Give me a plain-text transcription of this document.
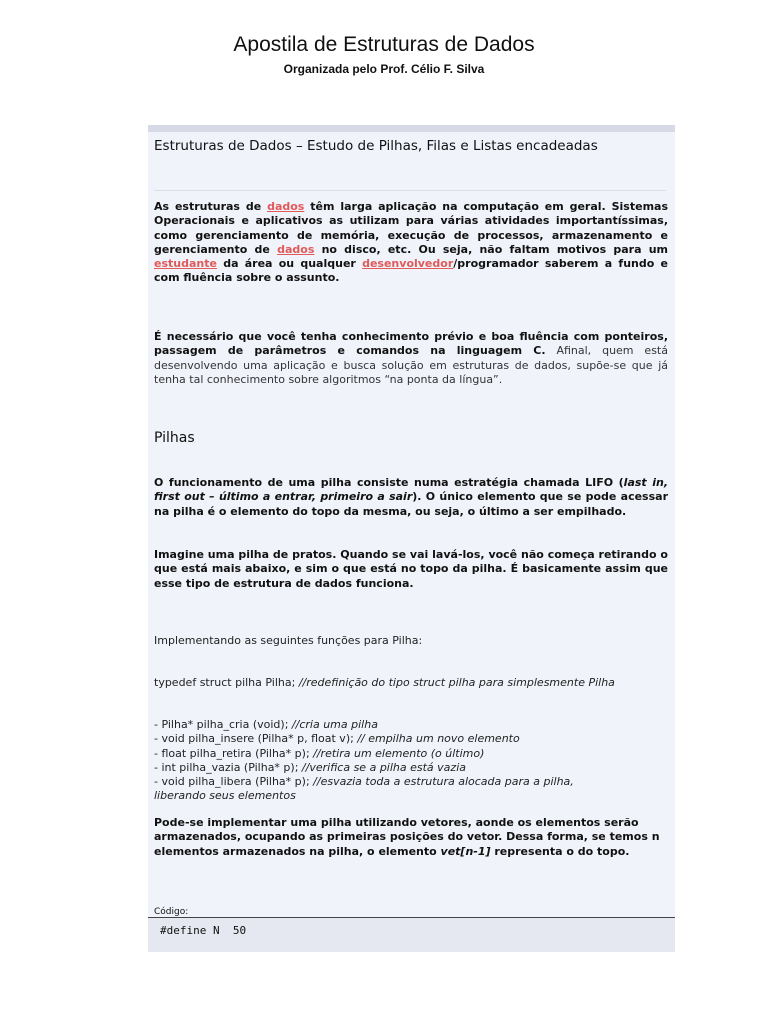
Apostila de Estruturas de Dados
Organizada pelo Prof. Célio F. Silva
Estruturas de Dados – Estudo de Pilhas, Filas e Listas encadeadas

As estruturas de dados têm larga aplicação na computação em geral. Sistemas Operacionais e aplicativos as utilizam para várias atividades importantíssimas, como gerenciamento de memória, execução de processos, armazenamento e gerenciamento de dados no disco, etc. Ou seja, não faltam motivos para um estudante da área ou qualquer desenvolvedor/programador saberem a fundo e com fluência sobre o assunto.

É necessário que você tenha conhecimento prévio e boa fluência com ponteiros, passagem de parâmetros e comandos na linguagem C. Afinal, quem está desenvolvendo uma aplicação e busca solução em estruturas de dados, supõe-se que já tenha tal conhecimento sobre algoritmos “na ponta da língua”.

Pilhas

O funcionamento de uma pilha consiste numa estratégia chamada LIFO (last in, first out – último a entrar, primeiro a sair). O único elemento que se pode acessar na pilha é o elemento do topo da mesma, ou seja, o último a ser empilhado.

Imagine uma pilha de pratos. Quando se vai lavá-los, você não começa retirando o que está mais abaixo, e sim o que está no topo da pilha. É basicamente assim que esse tipo de estrutura de dados funciona.

Implementando as seguintes funções para Pilha:
typedef struct pilha Pilha; //redefinição do tipo struct pilha para simplesmente Pilha
- Pilha* pilha_cria (void); //cria uma pilha
- void pilha_insere (Pilha* p, float v); // empilha um novo elemento
- float pilha_retira (Pilha* p); //retira um elemento (o último)
- int pilha_vazia (Pilha* p); //verifica se a pilha está vazia
- void pilha_libera (Pilha* p); //esvazia toda a estrutura alocada para a pilha,
liberando seus elementos

Pode-se implementar uma pilha utilizando vetores, aonde os elementos serão armazenados, ocupando as primeiras posições do vetor. Dessa forma, se temos n elementos armazenados na pilha, o elemento vet[n-1] representa o do topo.

Código:
#define N  50
